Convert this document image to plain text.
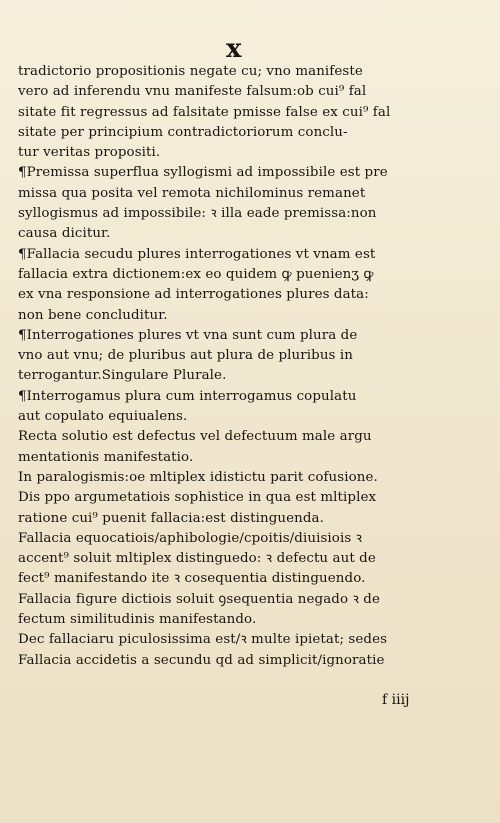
x
tradictorio propositionis negate cu; vno manifeste
vero ad inferendu vnu manifeste falsum:ob cui⁹ fal
sitate fit regressus ad falsitate pmisse false ex cui⁹ fal
sitate per principium contradictoriorum conclu-
tur veritas propositi.
¶Premissa superflua syllogismi ad impossibile est pre
missa qua posita vel remota nichilominus remanet
syllogismus ad impossibile: ꝛ illa eade premissa:non
causa dicitur.
¶Fallacia secudu plures interrogationes vt vnam est
fallacia extra dictionem:ex eo quidem ꝙ puenienʒ ꝙ
ex vna responsione ad interrogationes plures data:
non bene concluditur.
¶Interrogationes plures vt vna sunt cum plura de
vno aut vnu; de pluribus aut plura de pluribus in
terrogantur.Singulare Plurale.
¶Interrogamus plura cum interrogamus copulatu
aut copulato equiualens.
Recta solutio est defectus vel defectuum male argu
mentationis manifestatio.
In paralogismis:oe mltiplex idistictu parit cofusione.
Dis ppo argumetatiois sophistice in qua est mltiplex
ratione cui⁹ puenit fallacia:est distinguenda.
Fallacia equocatiois/aphibologie/cpoitis/diuisiois ꝛ
accent⁹ soluit mltiplex distinguedo: ꝛ defectu aut de
fect⁹ manifestando ite ꝛ cosequentia distinguendo.
Fallacia figure dictiois soluit ꝯsequentia negado ꝛ de
fectum similitudinis manifestando.
Dec fallaciaru piculosissima est/ꝛ multe ipietat; sedes
Fallacia accidetis a secundu qd ad simplicit/ignoratie
f iiij
